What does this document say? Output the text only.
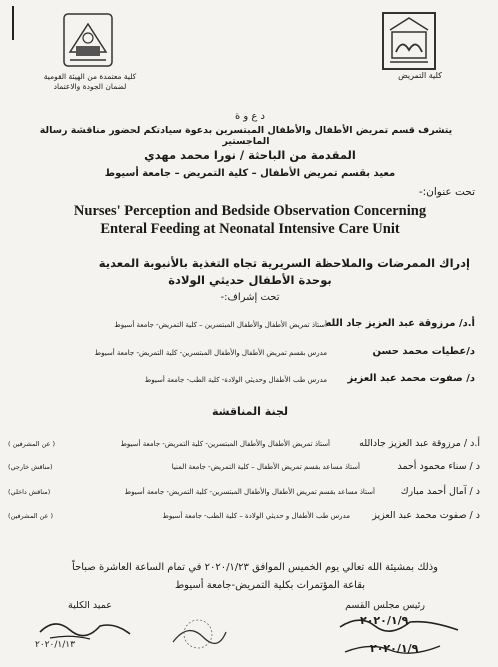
كلية معتمدة من الهيئة القومية
لضمان الجودة والاعتماد
كلية التمريض
د ع و ة
يتشرف قسم تمريض الأطفال والأطفال المبتسرين بدعوة سيادتكم لحضور مناقشة رسالة الماجستير
المقدمة من الباحثة / نورا محمد مهدي
معيد بقسم تمريض الأطفال – كلية التمريض – جامعة أسيوط
تحت عنوان:-
Nurses' Perception and Bedside Observation Concerning
Enteral Feeding at Neonatal Intensive Care Unit
إدراك الممرضات والملاحظة السريرية تجاه التغذية بالأنبوبة المعدية
بوحدة الأطفال حديثي الولادة
تحت إشراف:-
أ.د/ مرزوقة عبد العزيز جاد الله
أستاذ تمريض الأطفال والأطفال المبتسرين – كلية التمريض- جامعة أسيوط
د/عطيات محمد حسن
مدرس بقسم تمريض الأطفال والأطفال المبتسرين- كلية التمريض- جامعة أسيوط
د/ صفوت محمد عبد العزيز
مدرس طب الأطفال وحديثي الولادة- كلية الطب- جامعة أسيوط
لجنة المناقشة
أ.د / مرزوقة عبد العزيز جادالله
أستاذ تمريض الأطفال والأطفال المبتسرين- كلية التمريض- جامعة أسيوط
( عن المشرفين )
د / سناء محمود أحمد
أستاذ مساعد بقسم تمريض الأطفال – كلية التمريض- جامعة المنيا
(مناقش خارجي)
د / آمال أحمد مبارك
أستاذ مساعد بقسم تمريض الأطفال والأطفال المبتسرين- كلية التمريض- جامعة أسيوط
(مناقش داخلي)
د / صفوت محمد عبد العزيز
مدرس طب الأطفال و حديثي الولادة – كلية الطب- جامعة أسيوط
( عن المشرفين)
وذلك بمشيئة الله تعالي يوم الخميس الموافق ٢٠٢٠/١/٢٣ في تمام الساعة العاشرة صباحاً
بقاعة المؤتمرات بكلية التمريض-جامعة أسيوط
عميد الكلية	رئيس مجلس القسم
٢٠٢٠/١/١٣
٢٠٢٠/١/٩
٢٠٢٠/١/٩
